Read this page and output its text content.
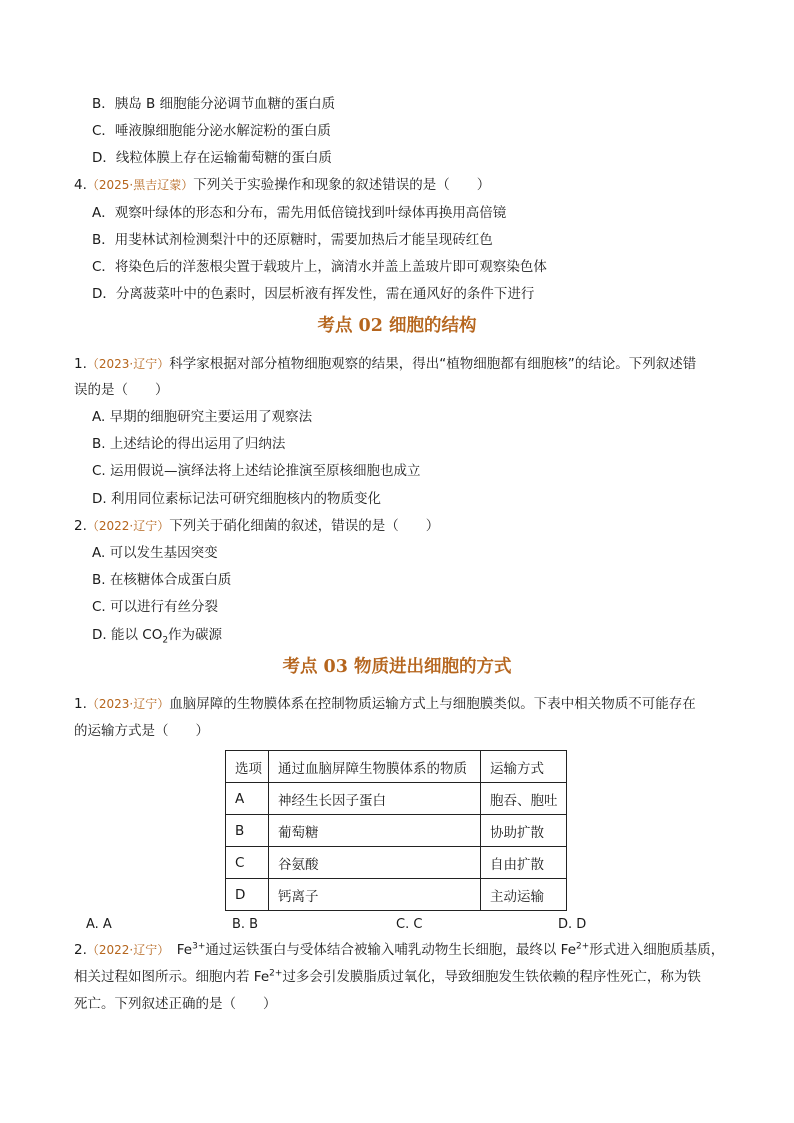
B．胰岛 B 细胞能分泌调节血糖的蛋白质
C．唾液腺细胞能分泌水解淀粉的蛋白质
D．线粒体膜上存在运输葡萄糖的蛋白质
4.（2025·黑吉辽蒙）下列关于实验操作和现象的叙述错误的是（　　）
A．观察叶绿体的形态和分布，需先用低倍镜找到叶绿体再换用高倍镜
B．用斐林试剂检测梨汁中的还原糖时，需要加热后才能呈现砖红色
C．将染色后的洋葱根尖置于载玻片上，滴清水并盖上盖玻片即可观察染色体
D．分离菠菜叶中的色素时，因层析液有挥发性，需在通风好的条件下进行
考点 02 细胞的结构
1.（2023·辽宁）科学家根据对部分植物细胞观察的结果，得出“植物细胞都有细胞核”的结论。下列叙述错
误的是（　　）
A. 早期的细胞研究主要运用了观察法
B. 上述结论的得出运用了归纳法
C. 运用假说—演绎法将上述结论推演至原核细胞也成立
D. 利用同位素标记法可研究细胞核内的物质变化
2.（2022·辽宁）下列关于硝化细菌的叙述，错误的是（　　）
A. 可以发生基因突变
B. 在核糖体合成蛋白质
C. 可以进行有丝分裂
D. 能以 $CO_2$作为碳源
考点 03 物质进出细胞的方式
1.（2023·辽宁）血脑屏障的生物膜体系在控制物质运输方式上与细胞膜类似。下表中相关物质不可能存在
的运输方式是（　　）
选项	通过血脑屏障生物膜体系的物质	运输方式
A	神经生长因子蛋白	胞吞、胞吐
B	葡萄糖	协助扩散
C	谷氨酸	自由扩散
D	钙离子	主动运输
A. A	B. B	C. C	D. D
2.（2022·辽宁）　 $Fe^{3+}$通过运铁蛋白与受体结合被输入哺乳动物生长细胞，最终以 $Fe^{2+}$形式进入细胞质基质，
相关过程如图所示。细胞内若 $Fe^{2+}$过多会引发膜脂质过氧化，导致细胞发生铁依赖的程序性死亡，称为铁
死亡。下列叙述正确的是（　　）
